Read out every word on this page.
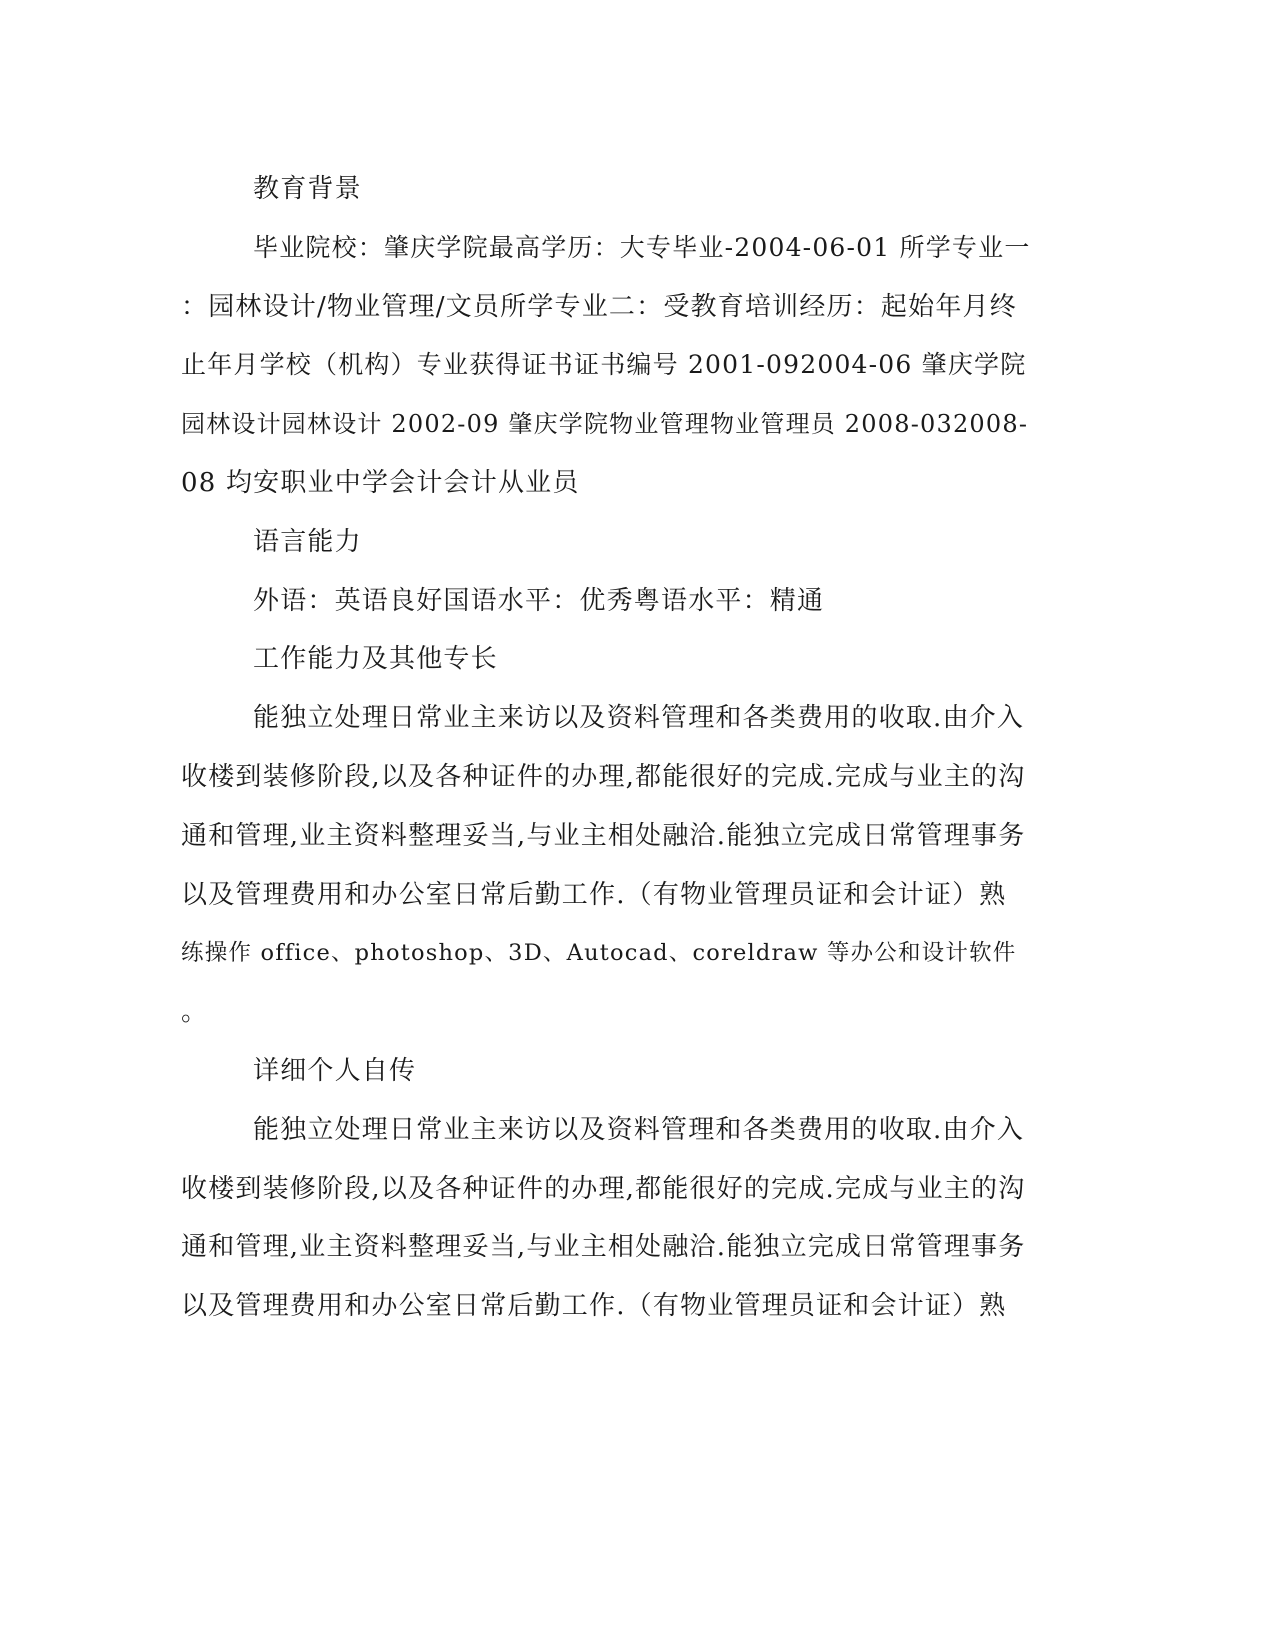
教育背景
毕业院校：肇庆学院最高学历：大专毕业-2004-06-01 所学专业一
：园林设计/物业管理/文员所学专业二：受教育培训经历：起始年月终
止年月学校（机构）专业获得证书证书编号 2001-092004-06 肇庆学院
园林设计园林设计 2002-09 肇庆学院物业管理物业管理员 2008-032008-
08 均安职业中学会计会计从业员
语言能力
外语：英语良好国语水平：优秀粤语水平：精通
工作能力及其他专长
能独立处理日常业主来访以及资料管理和各类费用的收取.由介入
收楼到装修阶段,以及各种证件的办理,都能很好的完成.完成与业主的沟
通和管理,业主资料整理妥当,与业主相处融洽.能独立完成日常管理事务
以及管理费用和办公室日常后勤工作.（有物业管理员证和会计证）熟
练操作 office、photoshop、3D、Autocad、coreldraw 等办公和设计软件
。
详细个人自传
能独立处理日常业主来访以及资料管理和各类费用的收取.由介入
收楼到装修阶段,以及各种证件的办理,都能很好的完成.完成与业主的沟
通和管理,业主资料整理妥当,与业主相处融洽.能独立完成日常管理事务
以及管理费用和办公室日常后勤工作.（有物业管理员证和会计证）熟
